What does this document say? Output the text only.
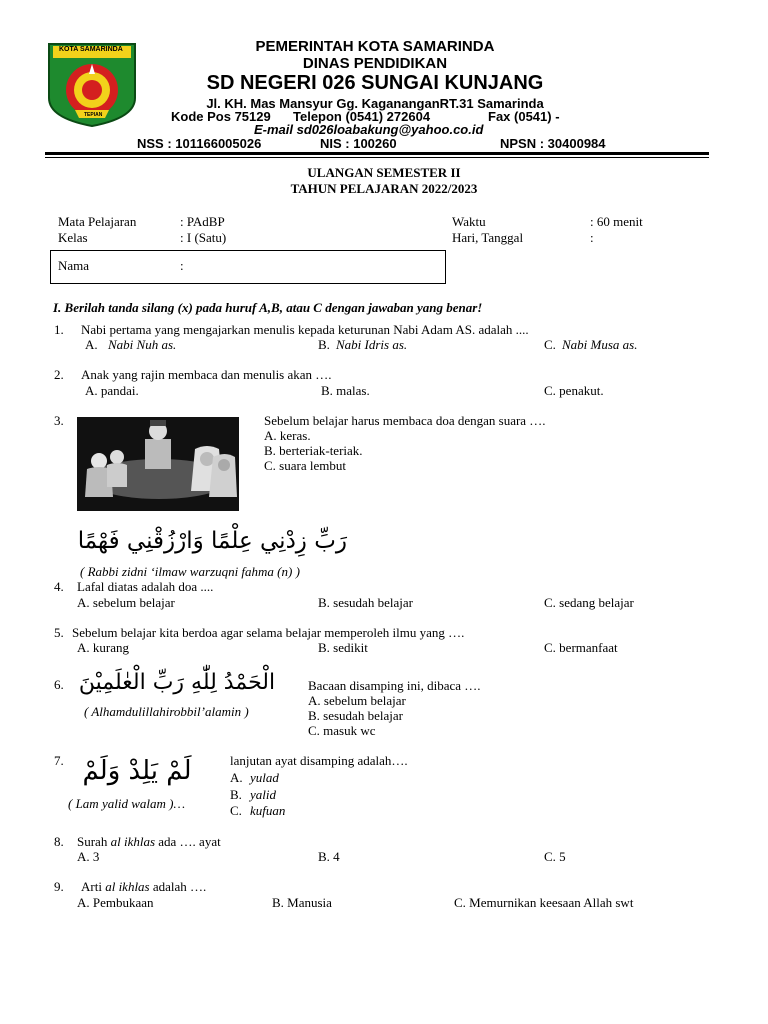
KOTA SAMARINDA
TEPIAN
PEMERINTAH KOTA SAMARINDA
DINAS PENDIDIKAN
SD NEGERI 026 SUNGAI KUNJANG
Jl. KH. Mas Mansyur Gg. KagananganRT.31 Samarinda
Kode Pos 75129 Telepon (0541) 272604	Fax (0541) -
E-mail sd026loabakung@yahoo.co.id
NSS : 101166005026	NIS : 100260	NPSN : 30400984
ULANGAN SEMESTER II
TAHUN PELAJARAN 2022/2023
Mata Pelajaran	: PAdBP
Kelas	: I (Satu)
Waktu	: 60 menit
Hari, Tanggal	:
Nama	:
I. Berilah tanda silang (x) pada huruf A,B, atau C dengan jawaban yang benar!
1. Nabi pertama yang mengajarkan menulis kepada keturunan Nabi Adam AS. adalah ....
A. Nabi Nuh as.	B. Nabi Idris as.	C. Nabi Musa as.
2. Anak yang rajin membaca dan menulis akan ….
A. pandai.	B. malas.	C. penakut.
3.	Sebelum belajar harus membaca doa dengan suara ….
A. keras.
B. berteriak-teriak.
C. suara lembut
رَبِّ زِدْنِي عِلْمًا وَارْزُقْنِي فَهْمًا
( Rabbi zidni ‘ilmaw warzuqni fahma (n) )
4. Lafal diatas adalah doa ....
A. sebelum belajar	B. sesudah belajar	C. sedang belajar
5. Sebelum belajar kita berdoa agar selama belajar memperoleh ilmu yang ….
A. kurang	B. sedikit	C. bermanfaat
6. الْحَمْدُ لِلّٰهِ رَبِّ الْعٰلَمِيْنَ
( Alhamdulillahirobbil’alamin )
Bacaan disamping ini, dibaca ….
A. sebelum belajar
B. sesudah belajar
C. masuk wc
7. لَمْ يَلِدْ وَلَمْ
( Lam yalid walam )…
lanjutan ayat disamping adalah….
A. yulad
B. yalid
C. kufuan
8. Surah al ikhlas ada …. ayat
A. 3	B. 4	C. 5
9. Arti al ikhlas adalah ….
A. Pembukaan	B. Manusia	C. Memurnikan keesaan Allah swt
